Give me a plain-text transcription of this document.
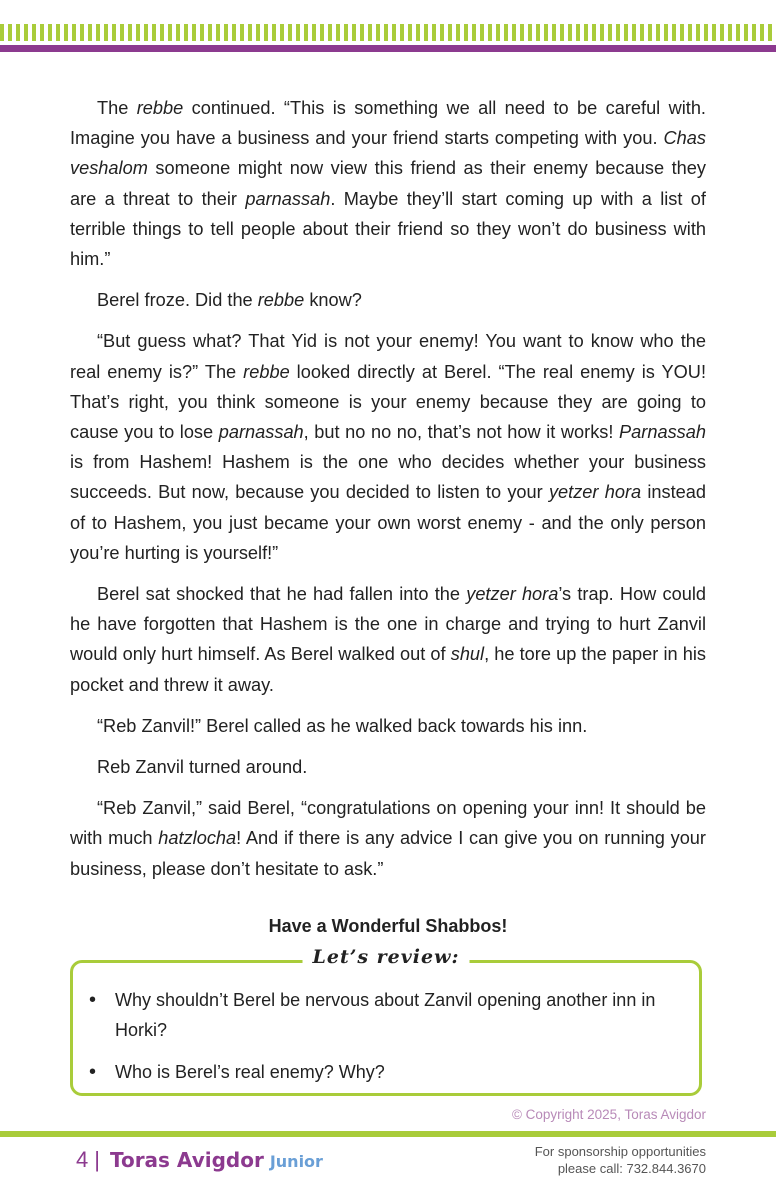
The rebbe continued. “This is something we all need to be careful with. Imagine you have a business and your friend starts competing with you. Chas veshalom someone might now view this friend as their enemy because they are a threat to their parnassah. Maybe they’ll start coming up with a list of terrible things to tell people about their friend so they won’t do business with him.”

Berel froze. Did the rebbe know?

“But guess what? That Yid is not your enemy! You want to know who the real enemy is?” The rebbe looked directly at Berel. “The real enemy is YOU! That’s right, you think someone is your enemy because they are going to cause you to lose parnassah, but no no no, that’s not how it works! Parnassah is from Hashem! Hashem is the one who decides whether your business succeeds. But now, because you decided to listen to your yetzer hora instead of to Hashem, you just became your own worst enemy - and the only person you’re hurting is yourself!”

Berel sat shocked that he had fallen into the yetzer hora’s trap. How could he have forgotten that Hashem is the one in charge and trying to hurt Zanvil would only hurt himself. As Berel walked out of shul, he tore up the paper in his pocket and threw it away.

“Reb Zanvil!” Berel called as he walked back towards his inn.

Reb Zanvil turned around.

“Reb Zanvil,” said Berel, “congratulations on opening your inn! It should be with much hatzlocha! And if there is any advice I can give you on running your business, please don’t hesitate to ask.”

Have a Wonderful Shabbos!
Let’s review:
• Why shouldn’t Berel be nervous about Zanvil opening another inn in Horki?
• Who is Berel’s real enemy? Why?
© Copyright 2025, Toras Avigdor
4 | Toras Avigdor Junior
For sponsorship opportunities
please call: 732.844.3670
